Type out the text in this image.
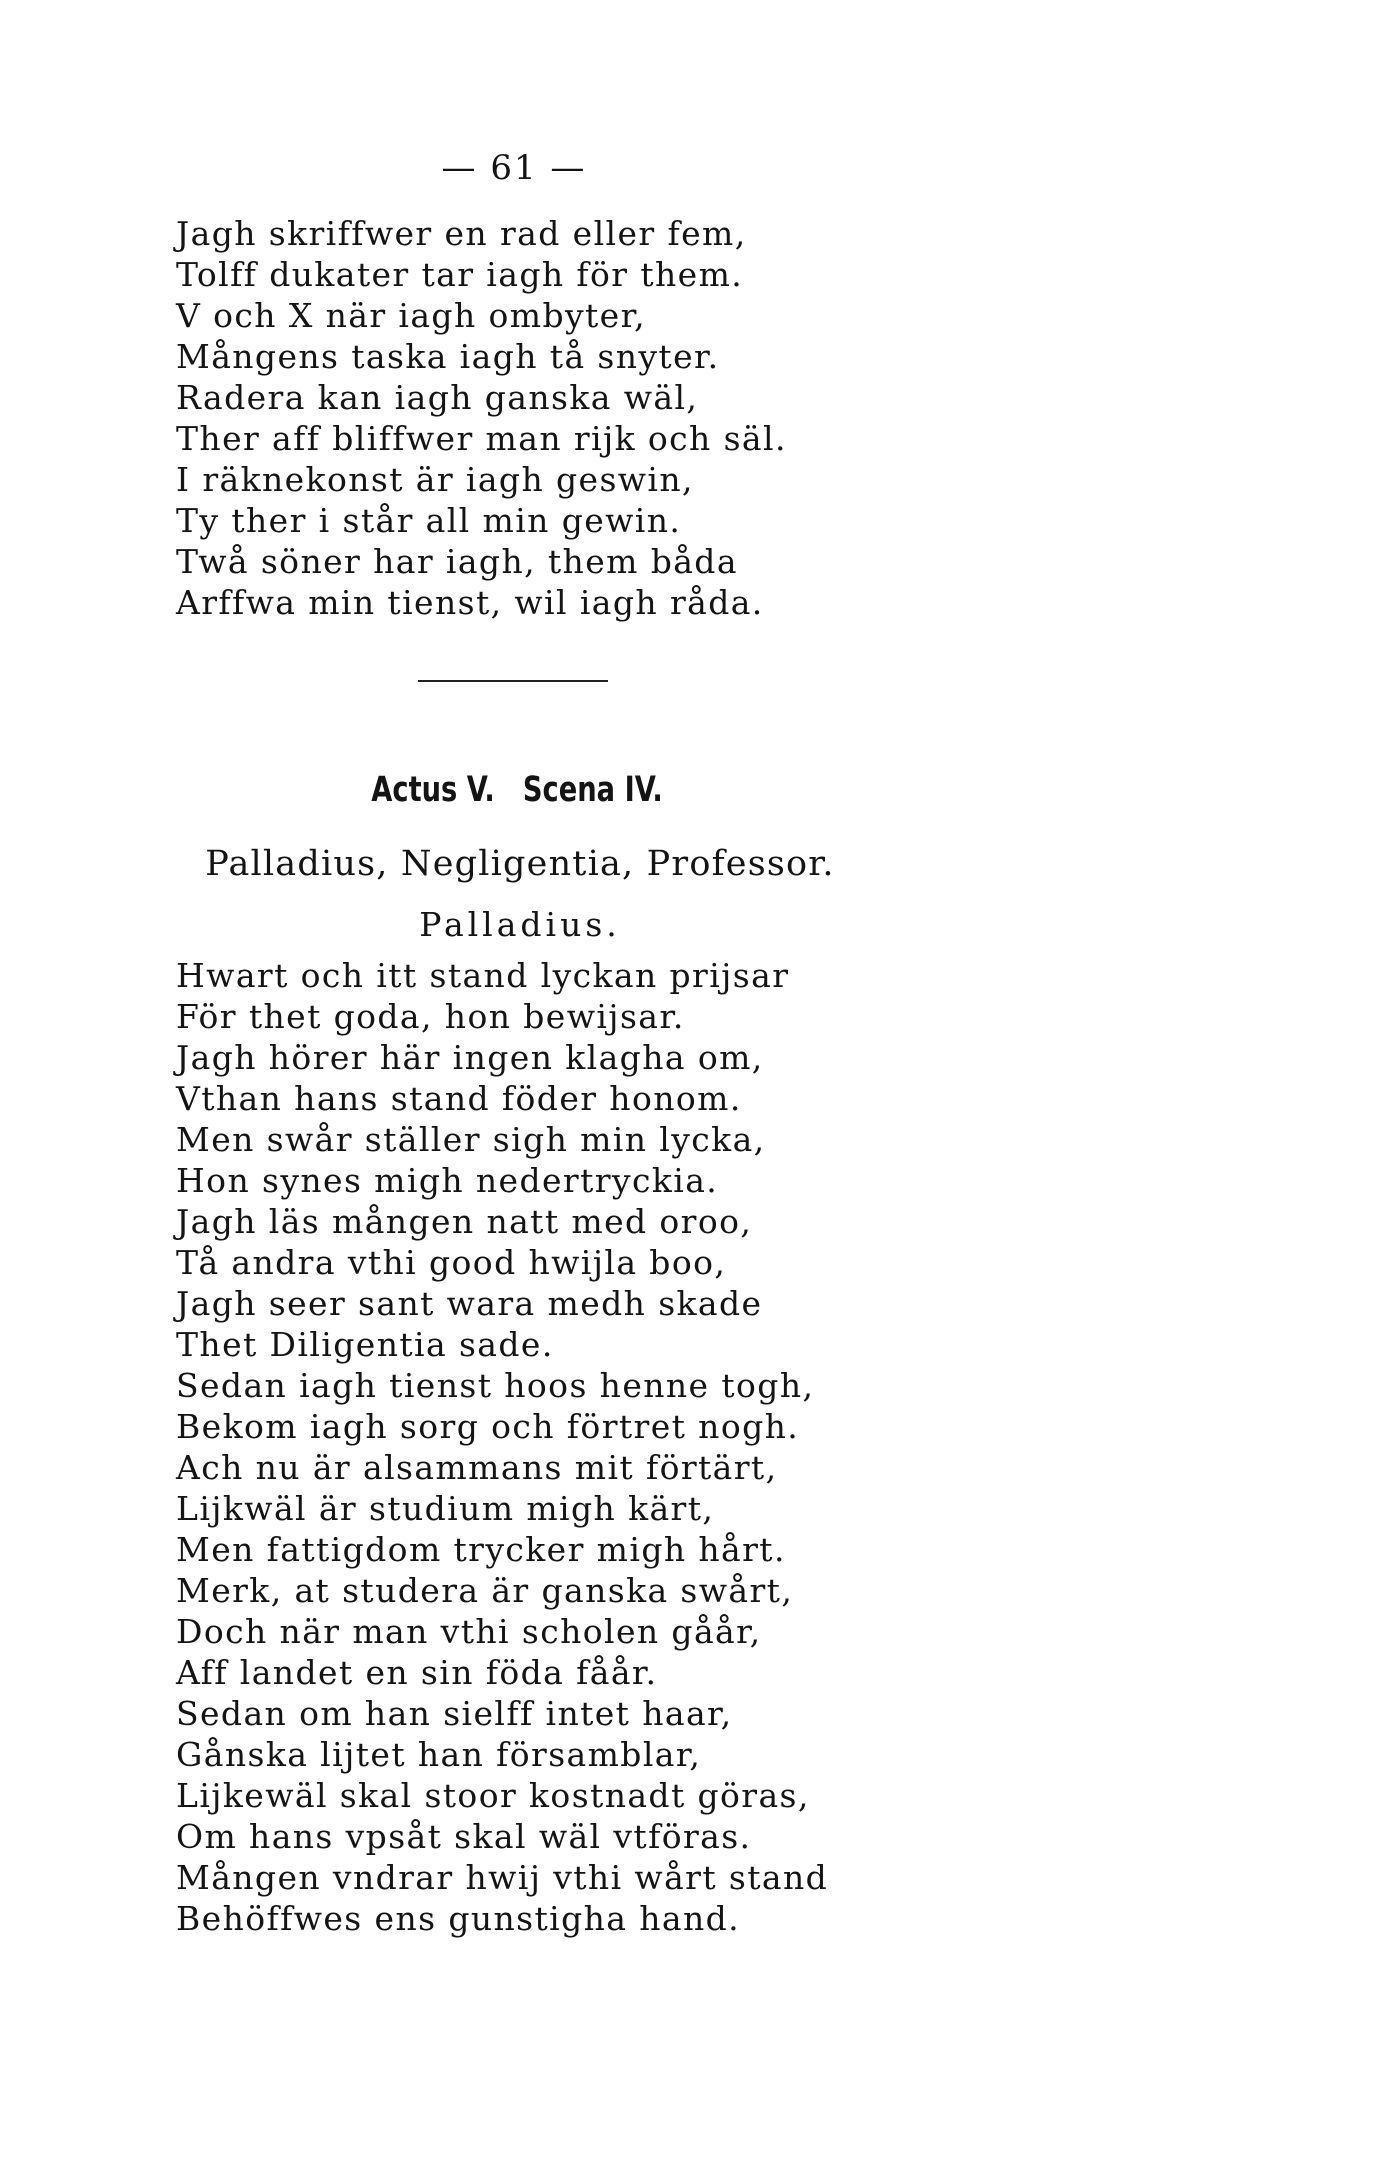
— 61 —
Jagh skriffwer en rad eller fem,
Tolff dukater tar iagh för them.
V och X när iagh ombyter,
Mångens taska iagh tå snyter.
Radera kan iagh ganska wäl,
Ther aff bliffwer man rijk och säl.
I räknekonst är iagh geswin,
Ty ther i står all min gewin.
Twå söner har iagh, them båda
Arffwa min tienst, wil iagh råda.
Actus V. Scena IV.
Palladius, Negligentia, Professor.
Palladius.
Hwart och itt stand lyckan prijsar
För thet goda, hon bewijsar.
Jagh hörer här ingen klagha om,
Vthan hans stand föder honom.
Men swår ställer sigh min lycka,
Hon synes migh nedertryckia.
Jagh läs mången natt med oroo,
Tå andra vthi good hwijla boo,
Jagh seer sant wara medh skade
Thet Diligentia sade.
Sedan iagh tienst hoos henne togh,
Bekom iagh sorg och förtret nogh.
Ach nu är alsammans mit förtärt,
Lijkwäl är studium migh kärt,
Men fattigdom trycker migh hårt.
Merk, at studera är ganska swårt,
Doch när man vthi scholen gåår,
Aff landet en sin föda fåår.
Sedan om han sielff intet haar,
Gånska lijtet han församblar,
Lijkewäl skal stoor kostnadt göras,
Om hans vpsåt skal wäl vtföras.
Mången vndrar hwij vthi wårt stand
Behöffwes ens gunstigha hand.
